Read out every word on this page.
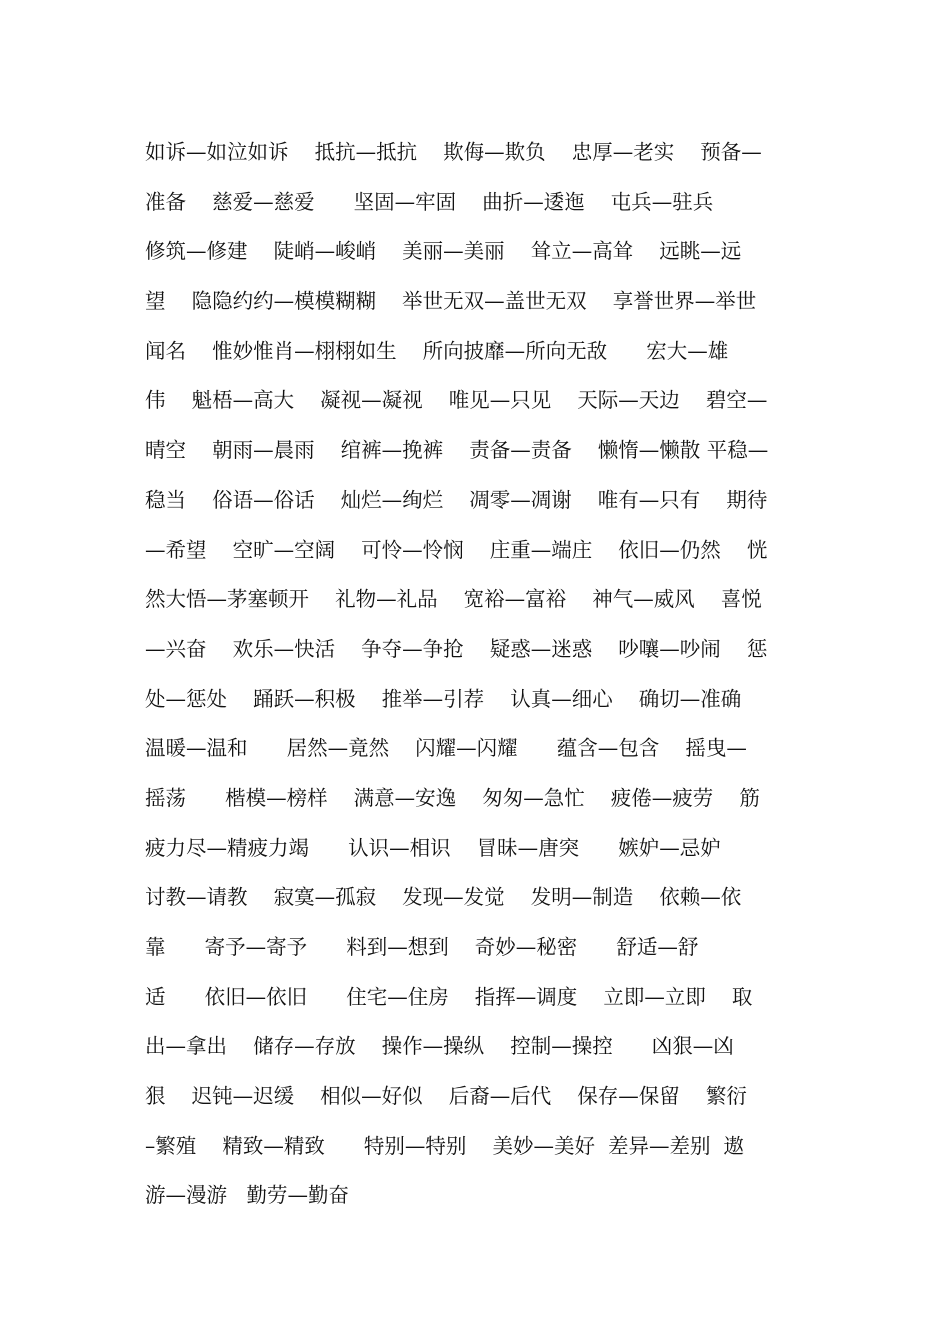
如诉—如泣如诉    抵抗—抵抗    欺侮—欺负    忠厚—老实    预备—
准备    慈爱—慈爱      坚固—牢固    曲折—逶迤    屯兵—驻兵
修筑—修建    陡峭—峻峭    美丽—美丽    耸立—高耸    远眺—远
望    隐隐约约—模模糊糊    举世无双—盖世无双    享誉世界—举世
闻名    惟妙惟肖—栩栩如生    所向披靡—所向无敌      宏大—雄
伟    魁梧—高大    凝视—凝视    唯见—只见    天际—天边    碧空—
晴空    朝雨—晨雨    绾裤—挽裤    责备—责备    懒惰—懒散 平稳—
稳当    俗语—俗话    灿烂—绚烂    凋零—凋谢    唯有—只有    期待
—希望    空旷—空阔    可怜—怜悯    庄重—端庄    依旧—仍然    恍
然大悟—茅塞顿开    礼物—礼品    宽裕—富裕    神气—威风    喜悦
—兴奋    欢乐—快活    争夺—争抢    疑惑—迷惑    吵嚷—吵闹    惩
处—惩处    踊跃—积极    推举—引荐    认真—细心    确切—准确
温暖—温和      居然—竟然    闪耀—闪耀      蕴含—包含    摇曳—
摇荡      楷模—榜样    满意—安逸    匆匆—急忙    疲倦—疲劳    筋
疲力尽—精疲力竭      认识—相识    冒昧—唐突      嫉妒—忌妒
讨教—请教    寂寞—孤寂    发现—发觉    发明—制造    依赖—依
靠      寄予—寄予      料到—想到    奇妙—秘密      舒适—舒
适      依旧—依旧      住宅—住房    指挥—调度    立即—立即    取
出—拿出    储存—存放    操作—操纵    控制—操控      凶狠—凶
狠    迟钝—迟缓    相似—好似    后裔—后代    保存—保留    繁衍
–繁殖    精致—精致      特别—特别    美妙—美好  差异—差别  遨
游—漫游   勤劳—勤奋
